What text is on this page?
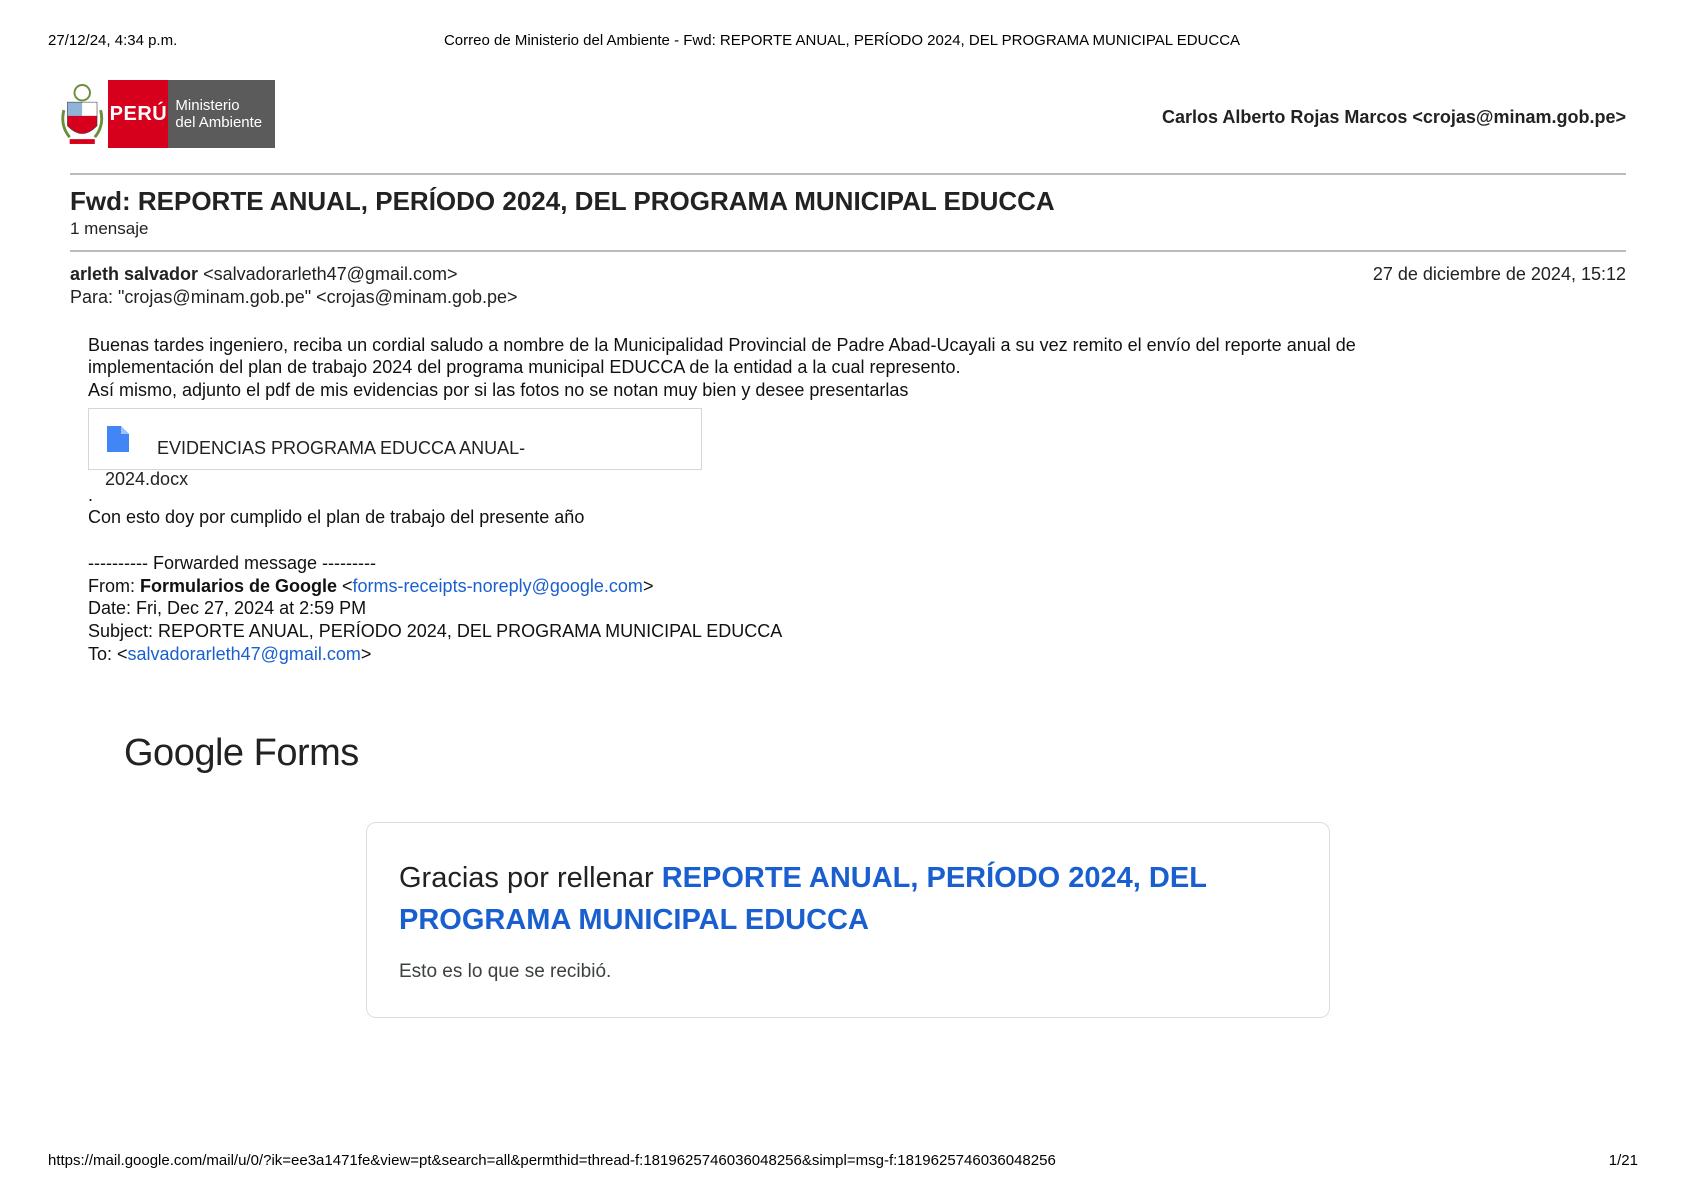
27/12/24, 4:34 p.m.	Correo de Ministerio del Ambiente - Fwd: REPORTE ANUAL, PERÍODO 2024, DEL PROGRAMA MUNICIPAL EDUCCA
PERÚ Ministerio
del Ambiente	Carlos Alberto Rojas Marcos <crojas@minam.gob.pe>
Fwd: REPORTE ANUAL, PERÍODO 2024, DEL PROGRAMA MUNICIPAL EDUCCA
1 mensaje
arleth salvador <salvadorarleth47@gmail.com>	27 de diciembre de 2024, 15:12
Para: "crojas@minam.gob.pe" <crojas@minam.gob.pe>
Buenas tardes ingeniero, reciba un cordial saludo a nombre de la Municipalidad Provincial de Padre Abad-Ucayali a su vez remito el envío del reporte anual de
implementación del plan de trabajo 2024 del programa municipal EDUCCA de la entidad a la cual represento.
Así mismo, adjunto el pdf de mis evidencias por si las fotos no se notan muy bien y desee presentarlas
EVIDENCIAS PROGRAMA EDUCCA ANUAL-2024.docx
.
Con esto doy por cumplido el plan de trabajo del presente año
---------- Forwarded message ---------
From: Formularios de Google <forms-receipts-noreply@google.com>
Date: Fri, Dec 27, 2024 at 2:59 PM
Subject: REPORTE ANUAL, PERÍODO 2024, DEL PROGRAMA MUNICIPAL EDUCCA
To: <salvadorarleth47@gmail.com>
Google Forms
Gracias por rellenar REPORTE ANUAL, PERÍODO 2024, DEL PROGRAMA MUNICIPAL EDUCCA
Esto es lo que se recibió.
https://mail.google.com/mail/u/0/?ik=ee3a1471fe&view=pt&search=all&permthid=thread-f:1819625746036048256&simpl=msg-f:1819625746036048256	1/21
